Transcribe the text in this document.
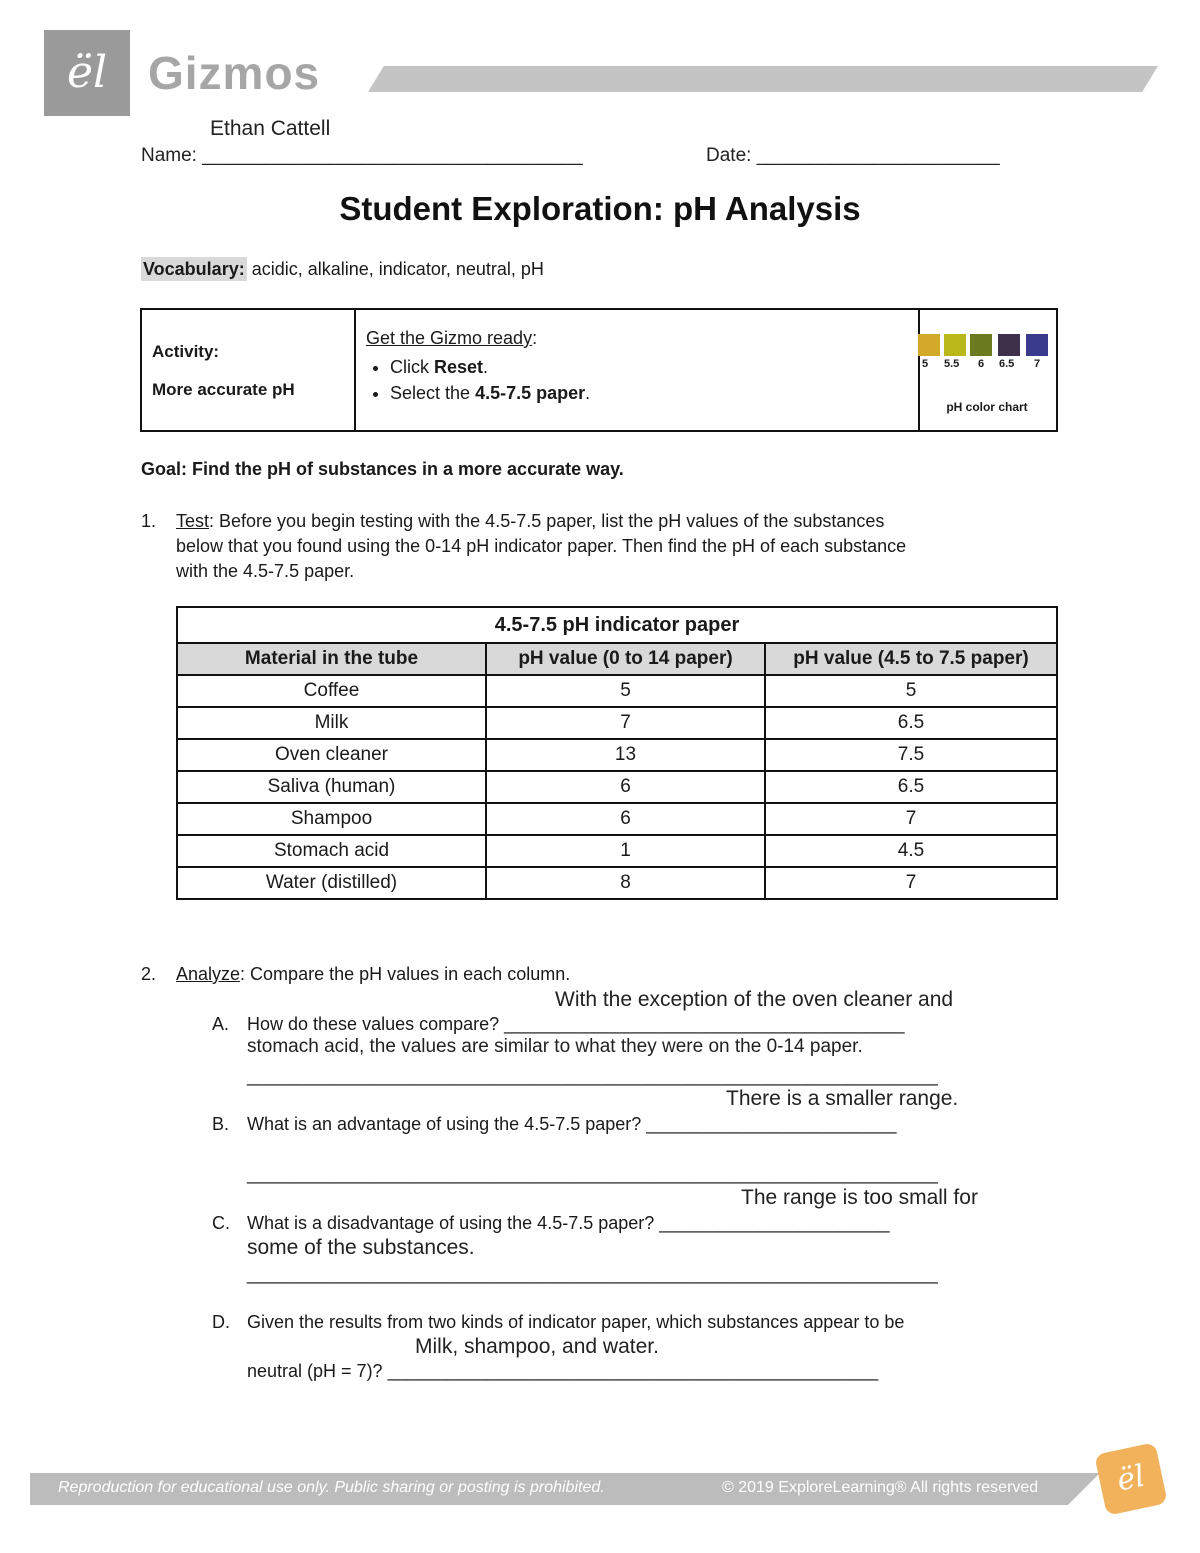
ël Gizmos
Ethan Cattell
Name: ____________________________________	Date: _______________________
Student Exploration: pH Analysis
Vocabulary: acidic, alkaline, indicator, neutral, pH
Activity:
More accurate pH
Get the Gizmo ready:
• Click Reset.
• Select the 4.5-7.5 paper.
5 5.5 6 6.5 7
pH color chart
Goal: Find the pH of substances in a more accurate way.
1. Test: Before you begin testing with the 4.5-7.5 paper, list the pH values of the substances
below that you found using the 0-14 pH indicator paper. Then find the pH of each substance
with the 4.5-7.5 paper.
4.5-7.5 pH indicator paper		
Material in the tube	pH value (0 to 14 paper)	pH value (4.5 to 7.5 paper)
Coffee	5	5
Milk	7	6.5
Oven cleaner	13	7.5
Saliva (human)	6	6.5
Shampoo	6	7
Stomach acid	1	4.5
Water (distilled)	8	7
2. Analyze: Compare the pH values in each column.
With the exception of the oven cleaner and
A. How do these values compare? ________________________________________
stomach acid, the values are similar to what they were on the 0-14 paper.
_____________________________________________________________________
There is a smaller range.
B. What is an advantage of using the 4.5-7.5 paper? _________________________
_____________________________________________________________________
The range is too small for
C. What is a disadvantage of using the 4.5-7.5 paper? _______________________
some of the substances.
_____________________________________________________________________
D. Given the results from two kinds of indicator paper, which substances appear to be
Milk, shampoo, and water.
neutral (pH = 7)? _________________________________________________
Reproduction for educational use only. Public sharing or posting is prohibited.	© 2019 ExploreLearning® All rights reserved	ël
